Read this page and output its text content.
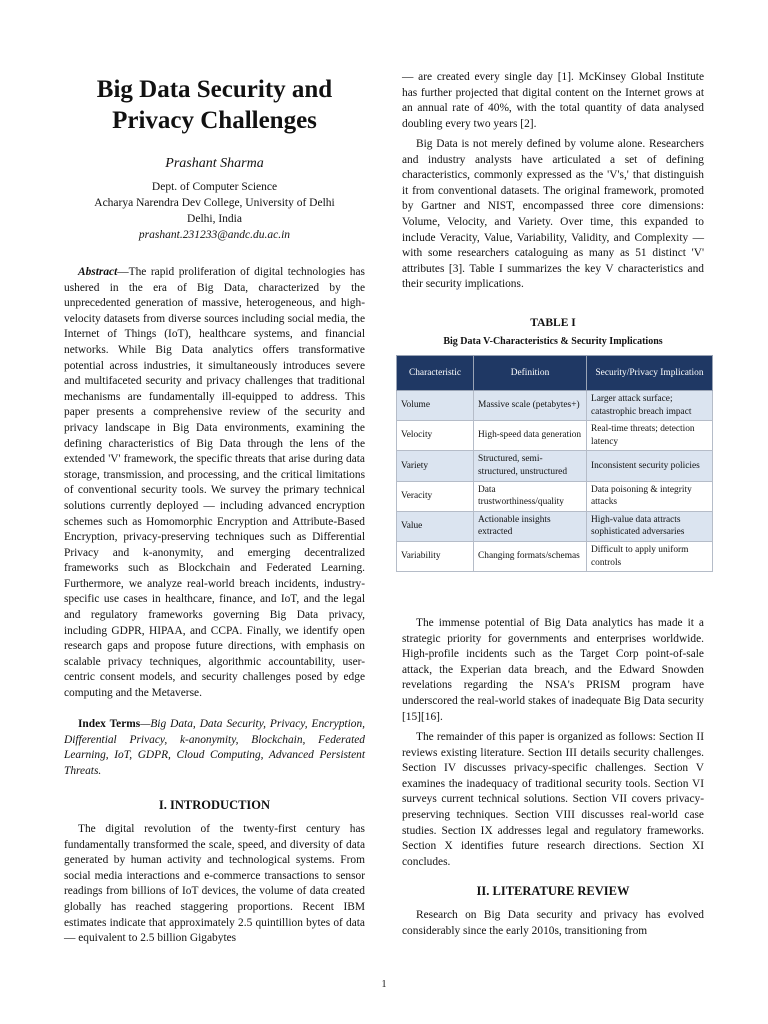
Big Data Security and Privacy Challenges
Prashant Sharma
Dept. of Computer Science
Acharya Narendra Dev College, University of Delhi
Delhi, India
prashant.231233@andc.du.ac.in
Abstract—The rapid proliferation of digital technologies has ushered in the era of Big Data, characterized by the unprecedented generation of massive, heterogeneous, and high-velocity datasets from diverse sources including social media, the Internet of Things (IoT), healthcare systems, and financial networks. While Big Data analytics offers transformative potential across industries, it simultaneously introduces severe and multifaceted security and privacy challenges that traditional mechanisms are fundamentally ill-equipped to address. This paper presents a comprehensive review of the security and privacy landscape in Big Data environments, examining the defining characteristics of Big Data through the lens of the extended 'V' framework, the specific threats that arise during data storage, transmission, and processing, and the critical limitations of conventional security tools. We survey the primary technical solutions currently deployed — including advanced encryption schemes such as Homomorphic Encryption and Attribute-Based Encryption, privacy-preserving techniques such as Differential Privacy and k-anonymity, and emerging decentralized frameworks such as Blockchain and Federated Learning. Furthermore, we analyze real-world breach incidents, industry-specific use cases in healthcare, finance, and IoT, and the legal and regulatory frameworks governing Big Data privacy, including GDPR, HIPAA, and CCPA. Finally, we identify open research gaps and propose future directions, with emphasis on scalable privacy techniques, algorithmic accountability, user-centric consent models, and security challenges posed by edge computing and the Metaverse.
Index Terms—Big Data, Data Security, Privacy, Encryption, Differential Privacy, k-anonymity, Blockchain, Federated Learning, IoT, GDPR, Cloud Computing, Advanced Persistent Threats.
I. INTRODUCTION
The digital revolution of the twenty-first century has fundamentally transformed the scale, speed, and diversity of data generated by human activity and technological systems. From social media interactions and e-commerce transactions to sensor readings from billions of IoT devices, the volume of data created globally has reached staggering proportions. Recent IBM estimates indicate that approximately 2.5 quintillion bytes of data — equivalent to 2.5 billion Gigabytes
— are created every single day [1]. McKinsey Global Institute has further projected that digital content on the Internet grows at an annual rate of 40%, with the total quantity of data analysed doubling every two years [2].
Big Data is not merely defined by volume alone. Researchers and industry analysts have articulated a set of defining characteristics, commonly expressed as the 'V's,' that distinguish it from conventional datasets. The original framework, promoted by Gartner and NIST, encompassed three core dimensions: Volume, Velocity, and Variety. Over time, this expanded to include Veracity, Value, Variability, Validity, and Complexity — with some researchers cataloguing as many as 51 distinct 'V' attributes [3]. Table I summarizes the key V characteristics and their security implications.
TABLE I
Big Data V-Characteristics & Security Implications
Characteristic	Definition	Security/Privacy Implication
Volume	Massive scale (petabytes+)	Larger attack surface; catastrophic breach impact
Velocity	High-speed data generation	Real-time threats; detection latency
Variety	Structured, semi-structured, unstructured	Inconsistent security policies
Veracity	Data trustworthiness/quality	Data poisoning & integrity attacks
Value	Actionable insights extracted	High-value data attracts sophisticated adversaries
Variability	Changing formats/schemas	Difficult to apply uniform controls
The immense potential of Big Data analytics has made it a strategic priority for governments and enterprises worldwide. High-profile incidents such as the Target Corp point-of-sale attack, the Experian data breach, and the Edward Snowden revelations regarding the NSA's PRISM program have underscored the real-world stakes of inadequate Big Data security [15][16].
The remainder of this paper is organized as follows: Section II reviews existing literature. Section III details security challenges. Section IV discusses privacy-specific challenges. Section V examines the inadequacy of traditional security tools. Section VI surveys current technical solutions. Section VII covers privacy-preserving techniques. Section VIII discusses real-world case studies. Section IX addresses legal and regulatory frameworks. Section X identifies future research directions. Section XI concludes.
II. LITERATURE REVIEW
Research on Big Data security and privacy has evolved considerably since the early 2010s, transitioning from
1
